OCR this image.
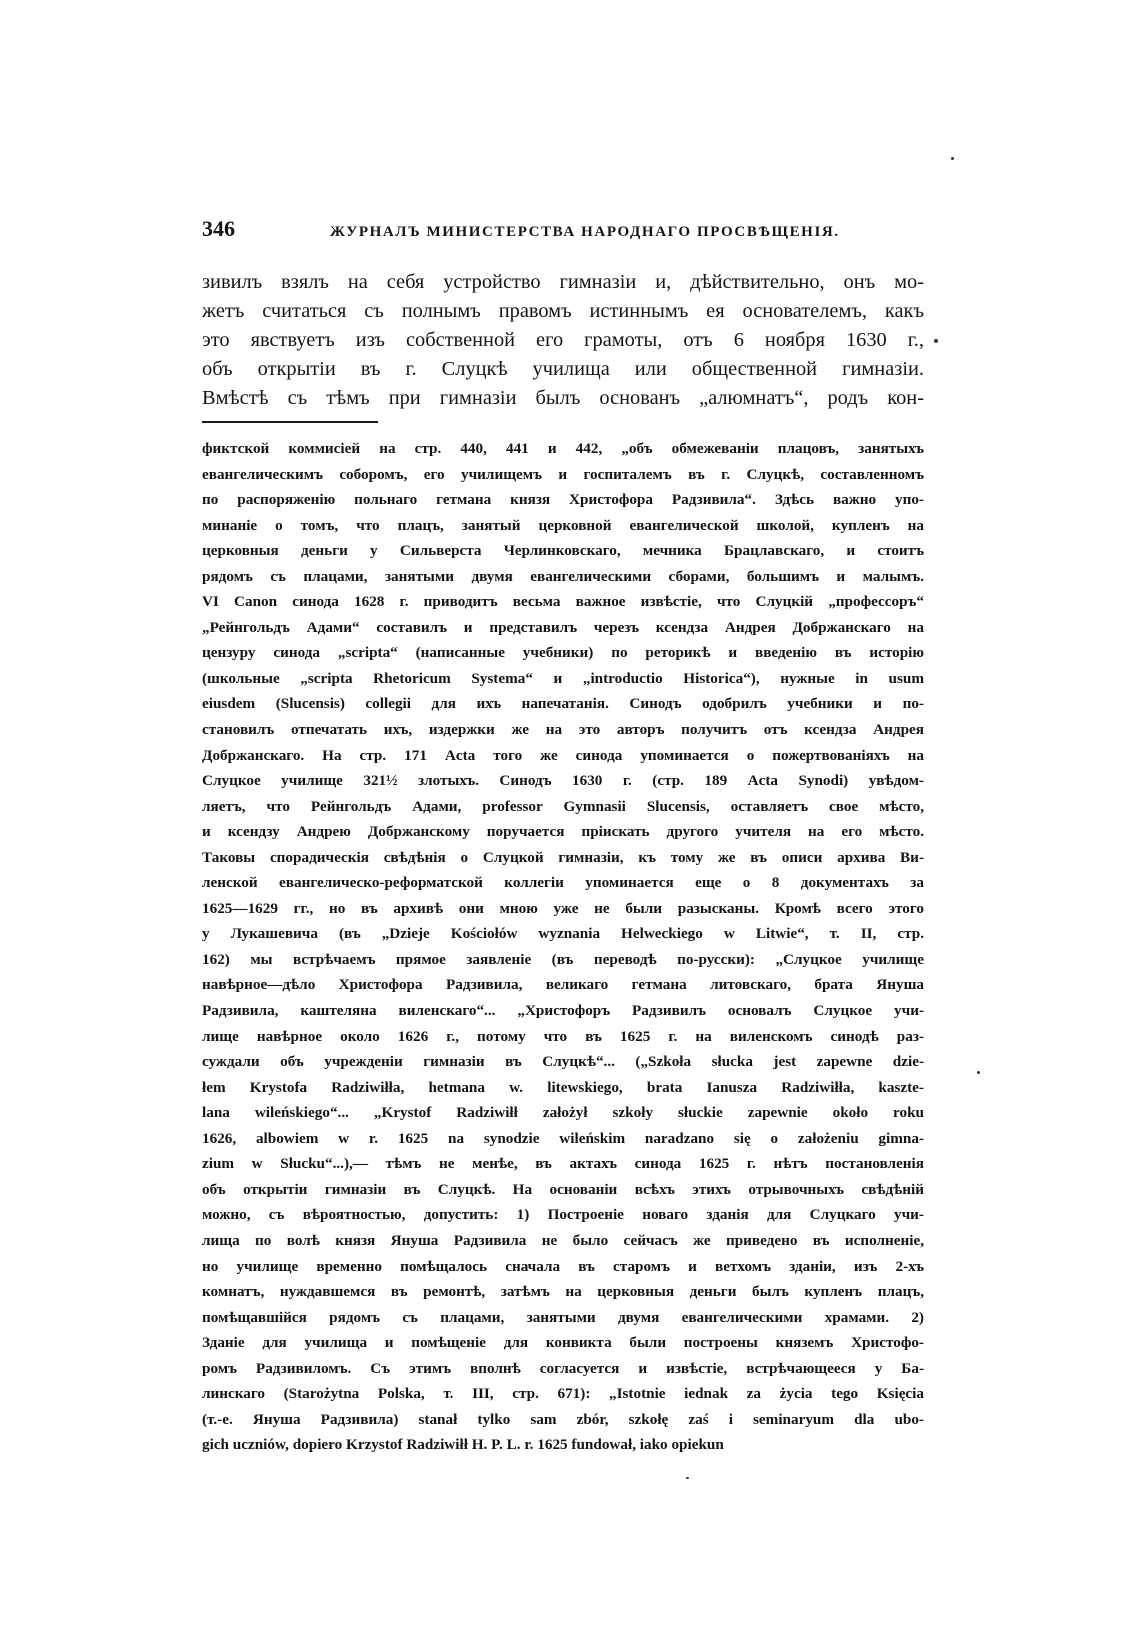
346	ЖУРНАЛЪ МИНИСТЕРСТВА НАРОДНАГО ПРОСВѢЩЕНІЯ.
зивилъ взялъ на себя устройство гимназіи и, дѣйствительно, онъ мо-
жетъ считаться съ полнымъ правомъ истиннымъ ея основателемъ, какъ
это явствуетъ изъ собственной его грамоты, отъ 6 ноября 1630 г.,
объ открытіи въ г. Слуцкѣ училища или общественной гимназіи.
Вмѣстѣ съ тѣмъ при гимназіи былъ основанъ „алюмнатъ“, родъ кон-
фиктской коммисіей на стр. 440, 441 и 442, „объ обмежеваніи плацовъ, занятыхъ
евангелическимъ соборомъ, его училищемъ и госпиталемъ въ г. Слуцкѣ, составленномъ
по распоряженію польнаго гетмана князя Христофора Радзивила“. Здѣсь важно упо-
минаніе о томъ, что плацъ, занятый церковной евангелической школой, купленъ на
церковныя деньги у Сильверста Черлинковскаго, мечника Брацлавскаго, и стоитъ
рядомъ съ плацами, занятыми двумя евангелическими сборами, большимъ и малымъ.
VI Canon синода 1628 г. приводитъ весьма важное извѣстіе, что Слуцкій „профессоръ“
„Рейнгольдъ Адами“ составилъ и представилъ черезъ ксендза Андрея Добржанскаго на
цензуру синода „scripta“ (написанные учебники) по реторикѣ и введенію въ исторію
(школьные „scripta Rhetoricum Systema“ и „introductio Historica“), нужные in usum
eiusdem (Slucensis) collegii для ихъ напечатанія. Синодъ одобрилъ учебники и по-
становилъ отпечатать ихъ, издержки же на это авторъ получитъ отъ ксендза Андрея
Добржанскаго. На стр. 171 Acta того же синода упоминается о пожертвованіяхъ на
Слуцкое училище 321½ злотыхъ. Синодъ 1630 г. (стр. 189 Acta Synodi) увѣдом-
ляетъ, что Рейнгольдъ Адами, professor Gymnasii Slucensis, оставляетъ свое мѣсто,
и ксендзу Андрею Добржанскому поручается пріискать другого учителя на его мѣсто.
Таковы спорадическія свѣдѣнія о Слуцкой гимназіи, къ тому же въ описи архива Ви-
ленской евангелическо-реформатской коллегіи упоминается еще о 8 документахъ за
1625—1629 гг., но въ архивѣ они мною уже не были разысканы. Кромѣ всего этого
у Лукашевича (въ „Dzieje Kościołów wyznania Helweckiego w Litwie“, т. II, стр.
162) мы встрѣчаемъ прямое заявленіе (въ переводѣ по-русски): „Слуцкое училище
навѣрное—дѣло Христофора Радзивила, великаго гетмана литовскаго, брата Януша
Радзивила, каштеляна виленскаго“... „Христофоръ Радзивилъ основалъ Слуцкое учи-
лище навѣрное около 1626 г., потому что въ 1625 г. на виленскомъ синодѣ раз-
суждали объ учрежденіи гимназіи въ Слуцкѣ“... („Szkoła słucka jest zapewne dzie-
łem Krystofa Radziwiłła, hetmana w. litewskiego, brata Ianusza Radziwiłła, kaszte-
lana wileńskiego“... „Krystof Radziwiłł założył szkoły słuckie zapewnie około roku
1626, albowiem w r. 1625 na synodzie wileńskim naradzano się o założeniu gimna-
zium w Słucku“...),— тѣмъ не менѣе, въ актахъ синода 1625 г. нѣтъ постановленія
объ открытіи гимназіи въ Слуцкѣ. На основаніи всѣхъ этихъ отрывочныхъ свѣдѣній
можно, съ вѣроятностью, допустить: 1) Построеніе новаго зданія для Слуцкаго учи-
лища по волѣ князя Януша Радзивила не было сейчасъ же приведено въ исполненіе,
но училище временно помѣщалось сначала въ старомъ и ветхомъ зданіи, изъ 2-хъ
комнатъ, нуждавшемся въ ремонтѣ, затѣмъ на церковныя деньги былъ купленъ плацъ,
помѣщавшійся рядомъ съ плацами, занятыми двумя евангелическими храмами. 2)
Зданіе для училища и помѣщеніе для конвикта были построены княземъ Христофо-
ромъ Радзивиломъ. Съ этимъ вполнѣ согласуется и извѣстіе, встрѣчающееся у Ба-
линскаго (Starożytna Polska, т. III, стр. 671): „Istotnie iednak za życia tego Księcia
(т.-е. Януша Радзивила) stanał tylko sam zbór, szkołę zaś i seminaryum dla ubo-
gich uczniów, dopiero Krzystof Radziwiłł H. P. L. r. 1625 fundował, iako opiekun
